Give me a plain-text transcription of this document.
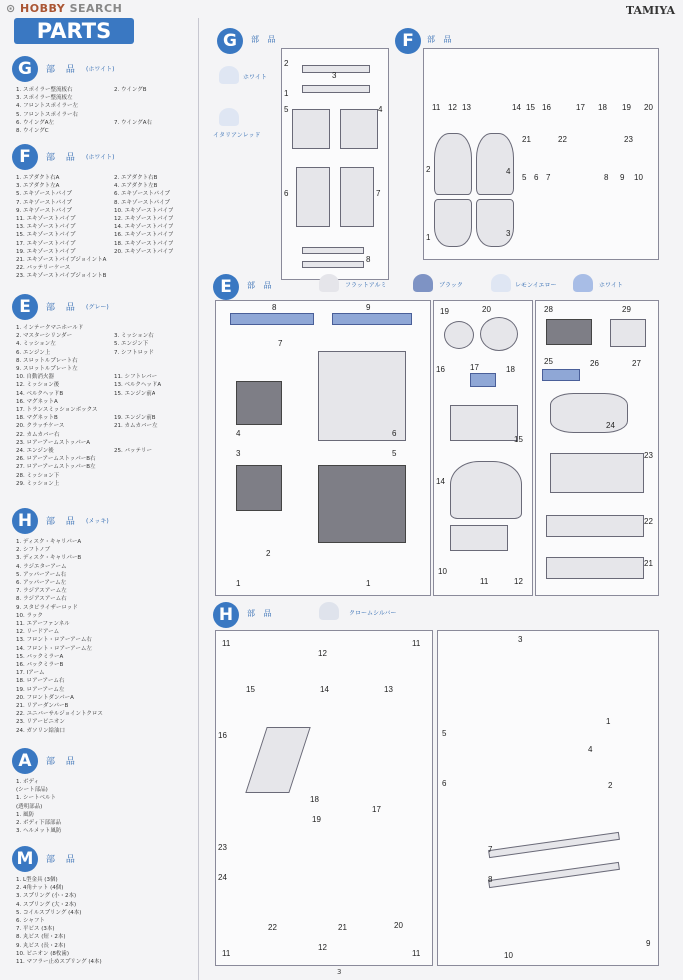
⊙ HOBBY SEARCH
PARTS
TAMIYA
G	部 品 (ホワイト)
1. スポイラー整流板右	2. ウイングB
3. スポイラー整流板左
4. フロントスポイラー左
5. フロントスポイラー右
6. ウイングA左	7. ウイングA右
8. ウイングC
F	部 品 (ホワイト)
1. エアダクト右A	2. エアダクト右B
3. エアダクト左A	4. エアダクト左B
5. エキゾーストパイプ	6. エキゾーストパイプ
7. エキゾーストパイプ	8. エキゾーストパイプ
9. エキゾーストパイプ	10. エキゾーストパイプ
11. エキゾーストパイプ	12. エキゾーストパイプ
13. エキゾーストパイプ	14. エキゾーストパイプ
15. エキゾーストパイプ	16. エキゾーストパイプ
17. エキゾーストパイプ	18. エキゾーストパイプ
19. エキゾーストパイプ	20. エキゾーストパイプ
21. エキゾーストパイプジョイントA
22. バッテリーケース
23. エキゾーストパイプジョイントB
E	部 品 (グレー)
1. インテークマニホールド
2. マスターシリンダー	3. ミッション右
4. ミッション左	5. エンジン下
6. エンジン上	7. シフトロッド
8. スロットルプレート右
9. スロットルプレート左
10. 自動消火器	11. シフトレバー
12. ミッション後	13. ベルクヘッドA
14. ベルクヘッドB	15. エンジン前A
16. マグネットA
17. トランスミッションボックス
18. マグネットB	19. エンジン前B
20. クラッチケース	21. カムカバー左
22. カムカバー右
23. ロアーアームストッパーA
24. エンジン後	25. バッテリー
26. ロアーアームストッパーB右
27. ロアーアームストッパーB左
28. ミッション下
29. ミッション上
H	部 品 (メッキ)
1. ディスク・キャリパーA
2. シフトノブ
3. ディスク・キャリパーB
4. ラジエターアーム
5. アッパーアーム右
6. アッパーアーム左
7. ラジアスアーム左
8. ラジアスアーム右
9. スタビライザーロッド
10. ラック
11. エアーファンネル
12. リードアーム
13. フロント・ロアーアーム右
14. フロント・ロアーアーム左
15. バックミラーA
16. バックミラーB
17. Iアーム
18. ロアーアーム右
19. ロアーアーム左
20. フロントダンパーA
21. リアーダンパーB
22. ユニバーサルジョイントクロス
23. リアーピニオン
24. ガソリン給油口
A	部 品
1. ボディ
(シート部品)
1. シートベルト
(透明部品)
1. 風防
2. ボディ下部部品
3. ヘルメット風防
M	部 品
1. L型金具 (3個)
2. 4角ナット (4個)
3. スプリング (小・2本)
4. スプリング (大・2本)
5. コイルスプリング (4本)
6. シャフト
7. 平ビス (3本)
8. 丸ビス (短・2本)
9. 丸ビス (長・2本)
10. ピニオン (8枚歯)
11. マフラー止めスプリング (4本)
G	部 品
ホワイト
イタリアンレッド
3
2
1
5	4
6	7
8
F	部 品
11 12 13	14 15 16	17 18 19 20
2	4
1	3
21	22	23
5 6 7	8 9 10
E	部 品	フラットアルミ	ブラック	レモンイエロー	ホワイト
8	9
7
4	6
3	5
2
1	1
19	20
16	17	18
15
14
10
11	12
28	29
25	26	27
24
23
22
21
H	部 品	クロームシルバー
11
12
11
15	14	13
16
18
17
19
23
24
22	21	20
11
12
11
3
1
5
4
6	2
7
8
9
10
3
